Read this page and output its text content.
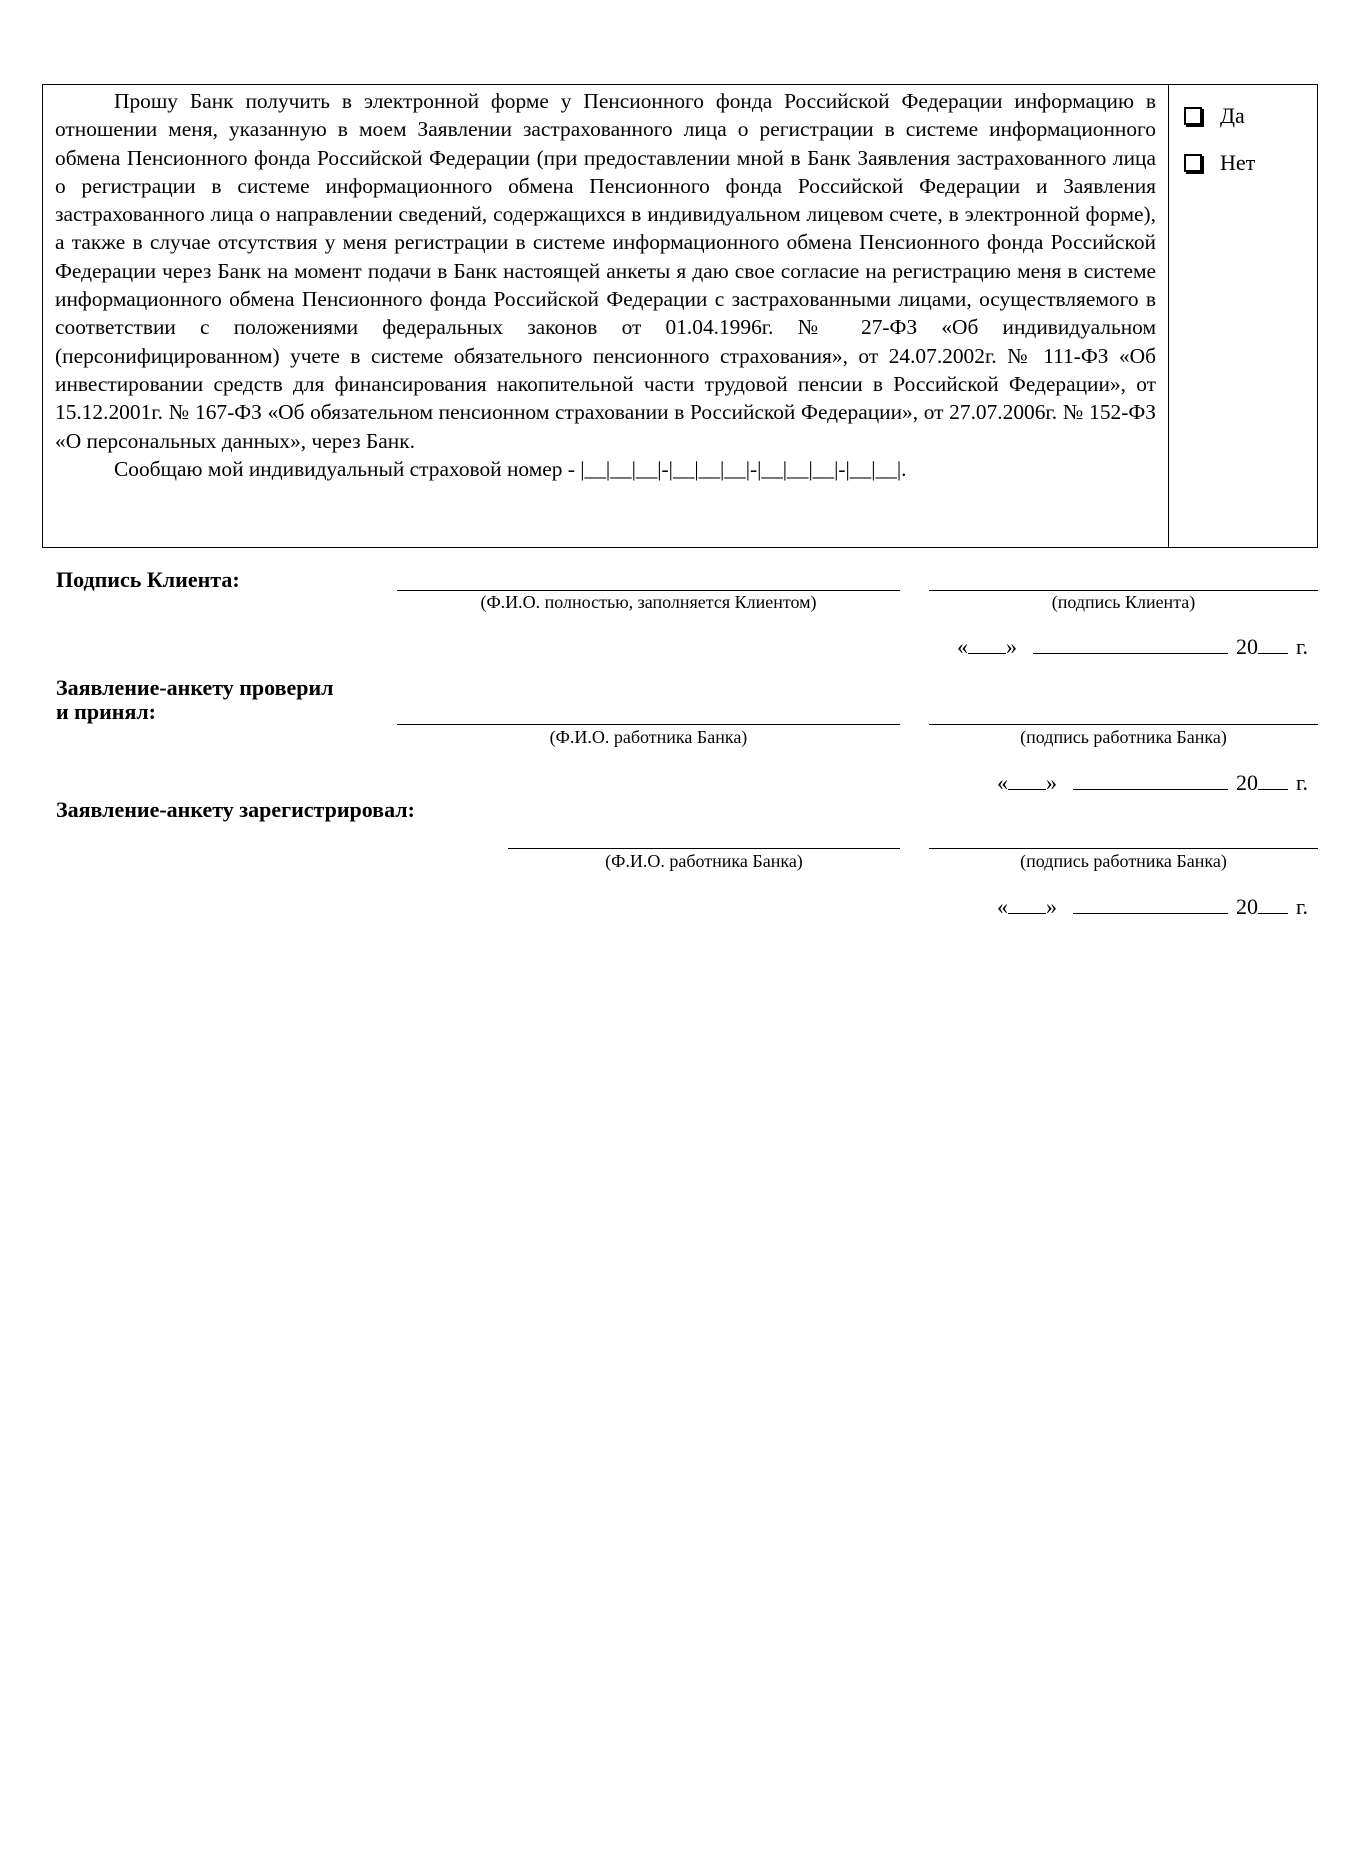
Прошу Банк получить в электронной форме у Пенсионного фонда Российской Федерации информацию в отношении меня, указанную в моем Заявлении застрахованного лица о регистрации в системе информационного обмена Пенсионного фонда Российской Федерации (при предоставлении мной в Банк Заявления застрахованного лица о регистрации в системе информационного обмена Пенсионного фонда Российской Федерации и Заявления застрахованного лица о направлении сведений, содержащихся в индивидуальном лицевом счете, в электронной форме), а также в случае отсутствия у меня регистрации в системе информационного обмена Пенсионного фонда Российской Федерации через Банк на момент подачи в Банк настоящей анкеты я даю свое согласие на регистрацию меня в системе информационного обмена Пенсионного фонда Российской Федерации с застрахованными лицами, осуществляемого в соответствии с положениями федеральных законов от 01.04.1996г. № 27-ФЗ «Об индивидуальном (персонифицированном) учете в системе обязательного пенсионного страхования», от 24.07.2002г. № 111-ФЗ «Об инвестировании средств для финансирования накопительной части трудовой пенсии в Российской Федерации», от 15.12.2001г. № 167-ФЗ «Об обязательном пенсионном страховании в Российской Федерации», от 27.07.2006г. № 152-ФЗ «О персональных данных», через Банк.

Сообщаю мой индивидуальный страховой номер - |__|__|__|-|__|__|__|-|__|__|__|-|__|__|.

Да
Нет
Подпись Клиента:
(Ф.И.О. полностью, заполняется Клиентом)	(подпись Клиента)
« »	20 г.
Заявление-анкету проверил
и принял:
(Ф.И.О. работника Банка)	(подпись работника Банка)
« »	20 г.
Заявление-анкету зарегистрировал:
(Ф.И.О. работника Банка)	(подпись работника Банка)
« »	20 г.
